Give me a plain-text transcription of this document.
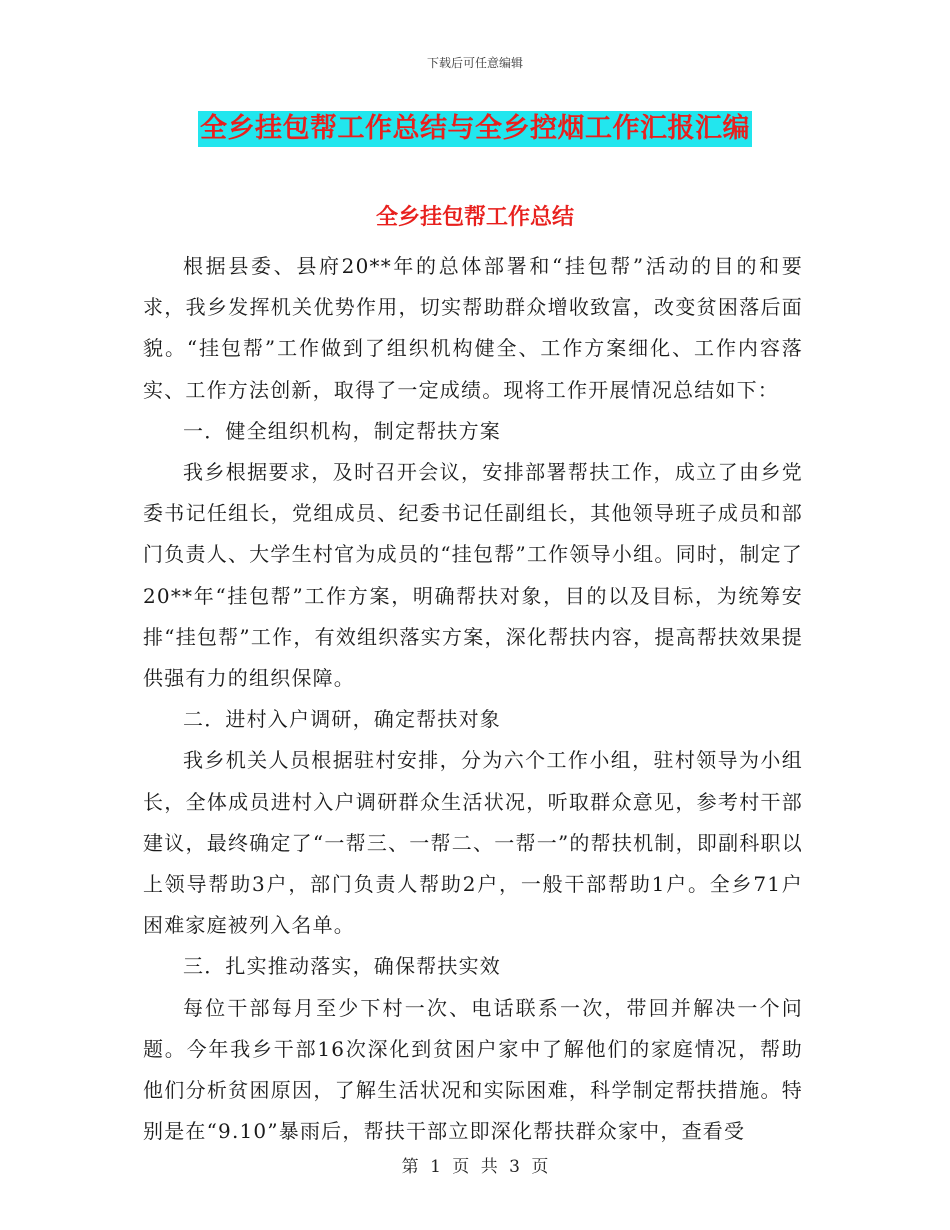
下载后可任意编辑
全乡挂包帮工作总结与全乡控烟工作汇报汇编
全乡挂包帮工作总结

根据县委、县府20**年的总体部署和“挂包帮”活动的目的和要求，我乡发挥机关优势作用，切实帮助群众增收致富，改变贫困落后面貌。“挂包帮”工作做到了组织机构健全、工作方案细化、工作内容落实、工作方法创新，取得了一定成绩。现将工作开展情况总结如下：

一．健全组织机构，制定帮扶方案

我乡根据要求，及时召开会议，安排部署帮扶工作，成立了由乡党委书记任组长，党组成员、纪委书记任副组长，其他领导班子成员和部门负责人、大学生村官为成员的“挂包帮”工作领导小组。同时，制定了20**年“挂包帮”工作方案，明确帮扶对象，目的以及目标，为统筹安排“挂包帮”工作，有效组织落实方案，深化帮扶内容，提高帮扶效果提供强有力的组织保障。

二．进村入户调研，确定帮扶对象

我乡机关人员根据驻村安排，分为六个工作小组，驻村领导为小组长，全体成员进村入户调研群众生活状况，听取群众意见，参考村干部建议，最终确定了“一帮三、一帮二、一帮一”的帮扶机制，即副科职以上领导帮助3户，部门负责人帮助2户，一般干部帮助1户。全乡71户困难家庭被列入名单。

三．扎实推动落实，确保帮扶实效

每位干部每月至少下村一次、电话联系一次，带回并解决一个问题。今年我乡干部16次深化到贫困户家中了解他们的家庭情况，帮助他们分析贫困原因，了解生活状况和实际困难，科学制定帮扶措施。特别是在“9.10”暴雨后，帮扶干部立即深化帮扶群众家中，查看受

第 1 页 共 3 页
